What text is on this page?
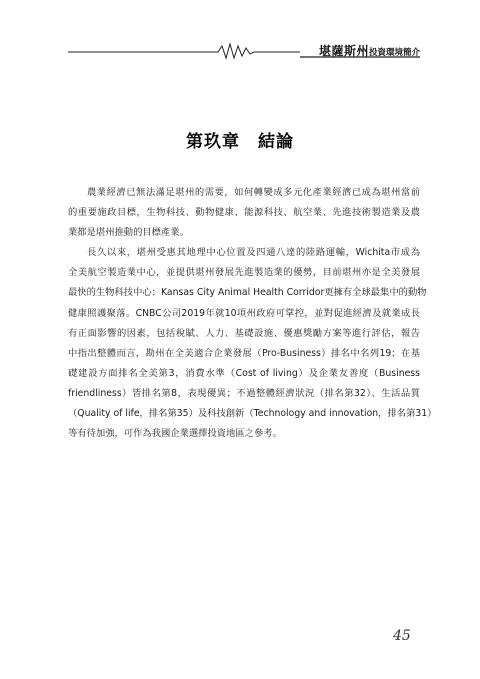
堪薩斯州投資環境簡介
第玖章　結論
農業經濟已無法滿足堪州的需要，如何轉變成多元化產業經濟已成為堪州當前
的重要施政目標，生物科技、動物健康、能源科技、航空業、先進技術製造業及農
業都是堪州推動的目標產業。
長久以來，堪州受惠其地理中心位置及四通八達的陸路運輸，Wichita市成為
全美航空製造業中心，並提供堪州發展先進製造業的優勢，目前堪州亦是全美發展
最快的生物科技中心；Kansas City Animal Health Corridor更擁有全球最集中的動物
健康照護聚落。CNBC公司2019年就10項州政府可掌控，並對促進經濟及就業成長
有正面影響的因素，包括稅賦、人力、基礎設施、優惠獎勵方案等進行評估，報告
中指出整體而言，勘州在全美適合企業發展（Pro-Business）排名中名列19；在基
礎建設方面排名全美第3，消費水準（Cost of living）及企業友善度（Business
friendliness）皆排名第8，表現優異；不過整體經濟狀況（排名第32）、生活品質
（Quality of life，排名第35）及科技創新（Technology and innovation，排名第31）
等有待加強，可作為我國企業選擇投資地區之參考。
45
